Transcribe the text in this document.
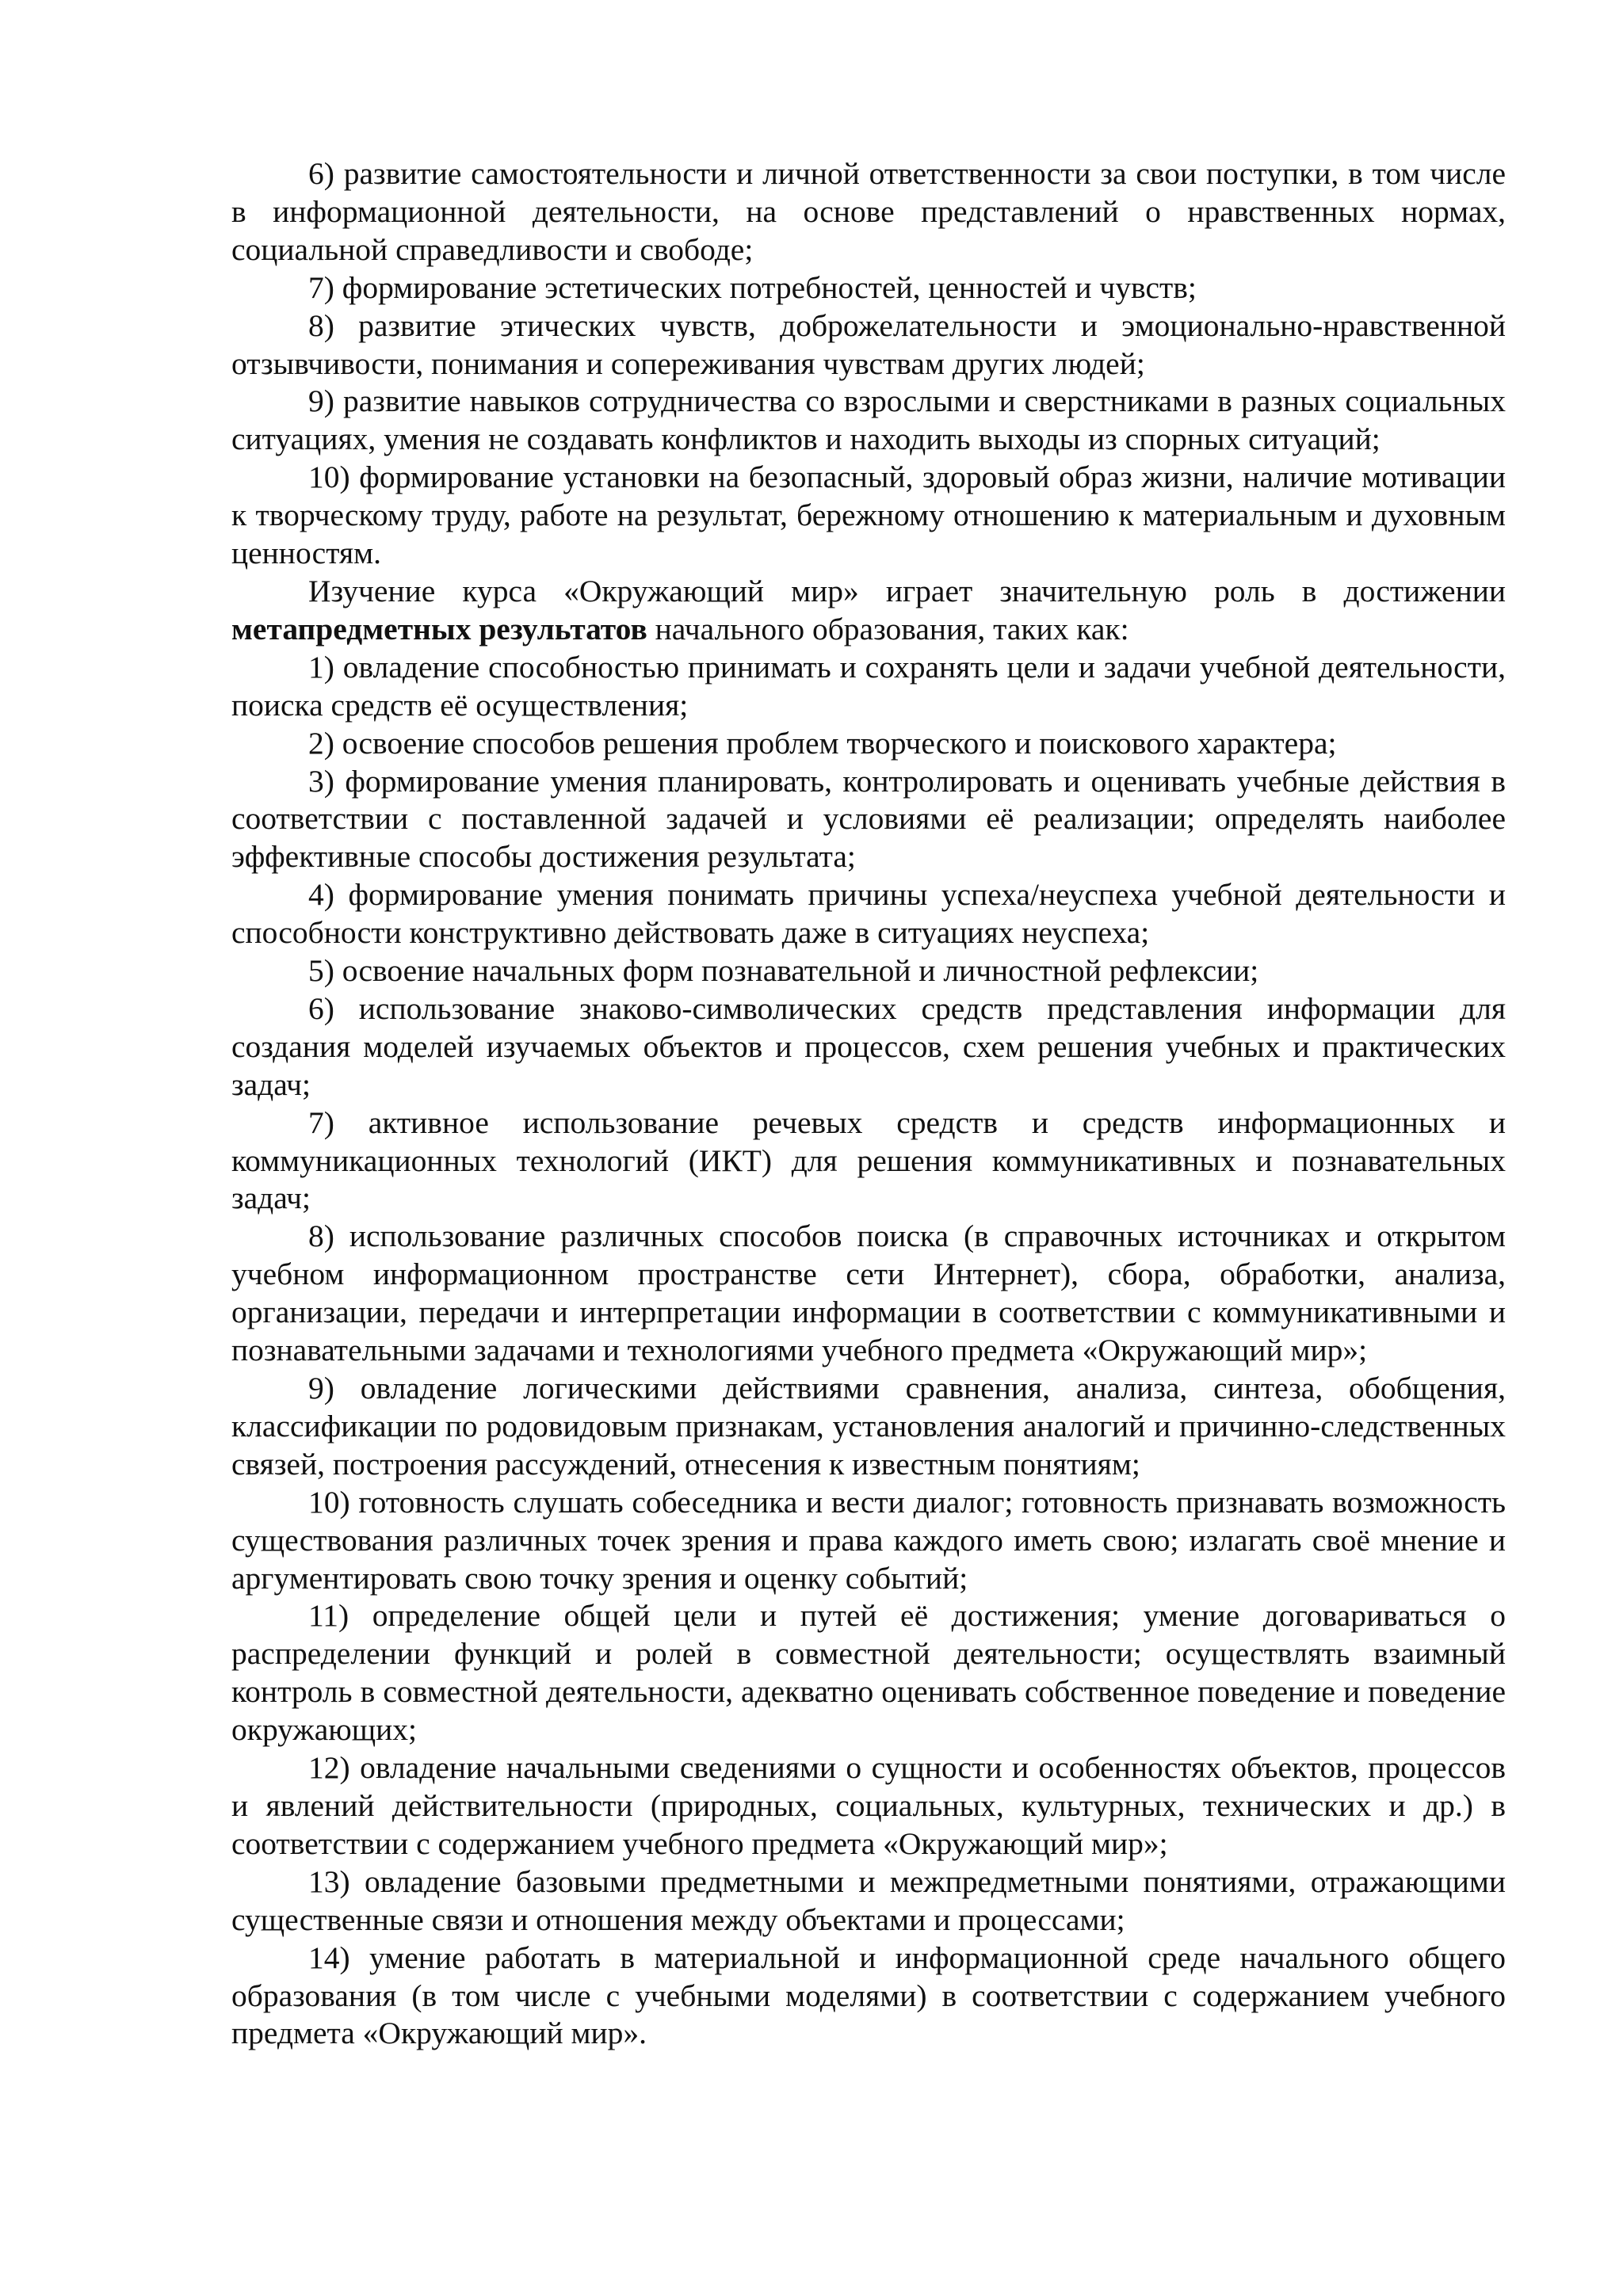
6) развитие самостоятельности и личной ответственности за свои поступки, в том числе в информационной деятельности, на основе представлений о нравственных нормах, социальной справедливости и свободе;

7) формирование эстетических потребностей, ценностей и чувств;

8) развитие этических чувств, доброжелательности и эмоционально-нравственной отзывчивости, понимания и сопереживания чувствам других людей;

9) развитие навыков сотрудничества со взрослыми и сверстниками в разных социальных ситуациях, умения не создавать конфликтов и находить выходы из спорных ситуаций;

10) формирование установки на безопасный, здоровый образ жизни, наличие мотивации к творческому труду, работе на результат, бережному отношению к материальным и духовным ценностям.

Изучение курса «Окружающий мир» играет значительную роль в достижении метапредметных результатов начального образования, таких как:

1) овладение способностью принимать и сохранять цели и задачи учебной деятельности, поиска средств её осуществления;

2) освоение способов решения проблем творческого и поискового характера;

3) формирование умения планировать, контролировать и оценивать учебные действия в соответствии с поставленной задачей и условиями её реализации; определять наиболее эффективные способы достижения результата;

4) формирование умения понимать причины успеха/неуспеха учебной деятельности и способности конструктивно действовать даже в ситуациях неуспеха;

5) освоение начальных форм познавательной и личностной рефлексии;

6) использование знаково-символических средств представления информации для создания моделей изучаемых объектов и процессов, схем решения учебных и практических задач;

7) активное использование речевых средств и средств информационных и коммуникационных технологий (ИКТ) для решения коммуникативных и познавательных задач;

8) использование различных способов поиска (в справочных источниках и открытом учебном информационном пространстве сети Интернет), сбора, обработки, анализа, организации, передачи и интерпретации информации в соответствии с коммуникативными и познавательными задачами и технологиями учебного предмета «Окружающий мир»;

9) овладение логическими действиями сравнения, анализа, синтеза, обобщения, классификации по родовидовым признакам, установления аналогий и причинно-следственных связей, построения рассуждений, отнесения к известным понятиям;

10) готовность слушать собеседника и вести диалог; готовность признавать возможность существования различных точек зрения и права каждого иметь свою; излагать своё мнение и аргументировать свою точку зрения и оценку событий;

11) определение общей цели и путей её достижения; умение договариваться о распределении функций и ролей в совместной деятельности; осуществлять взаимный контроль в совместной деятельности, адекватно оценивать собственное поведение и поведение окружающих;

12) овладение начальными сведениями о сущности и особенностях объектов, процессов и явлений действительности (природных, социальных, культурных, технических и др.) в соответствии с содержанием учебного предмета «Окружающий мир»;

13) овладение базовыми предметными и межпредметными понятиями, отражающими существенные связи и отношения между объектами и процессами;

14) умение работать в материальной и информационной среде начального общего образования (в том числе с учебными моделями) в соответствии с содержанием учебного предмета «Окружающий мир».
